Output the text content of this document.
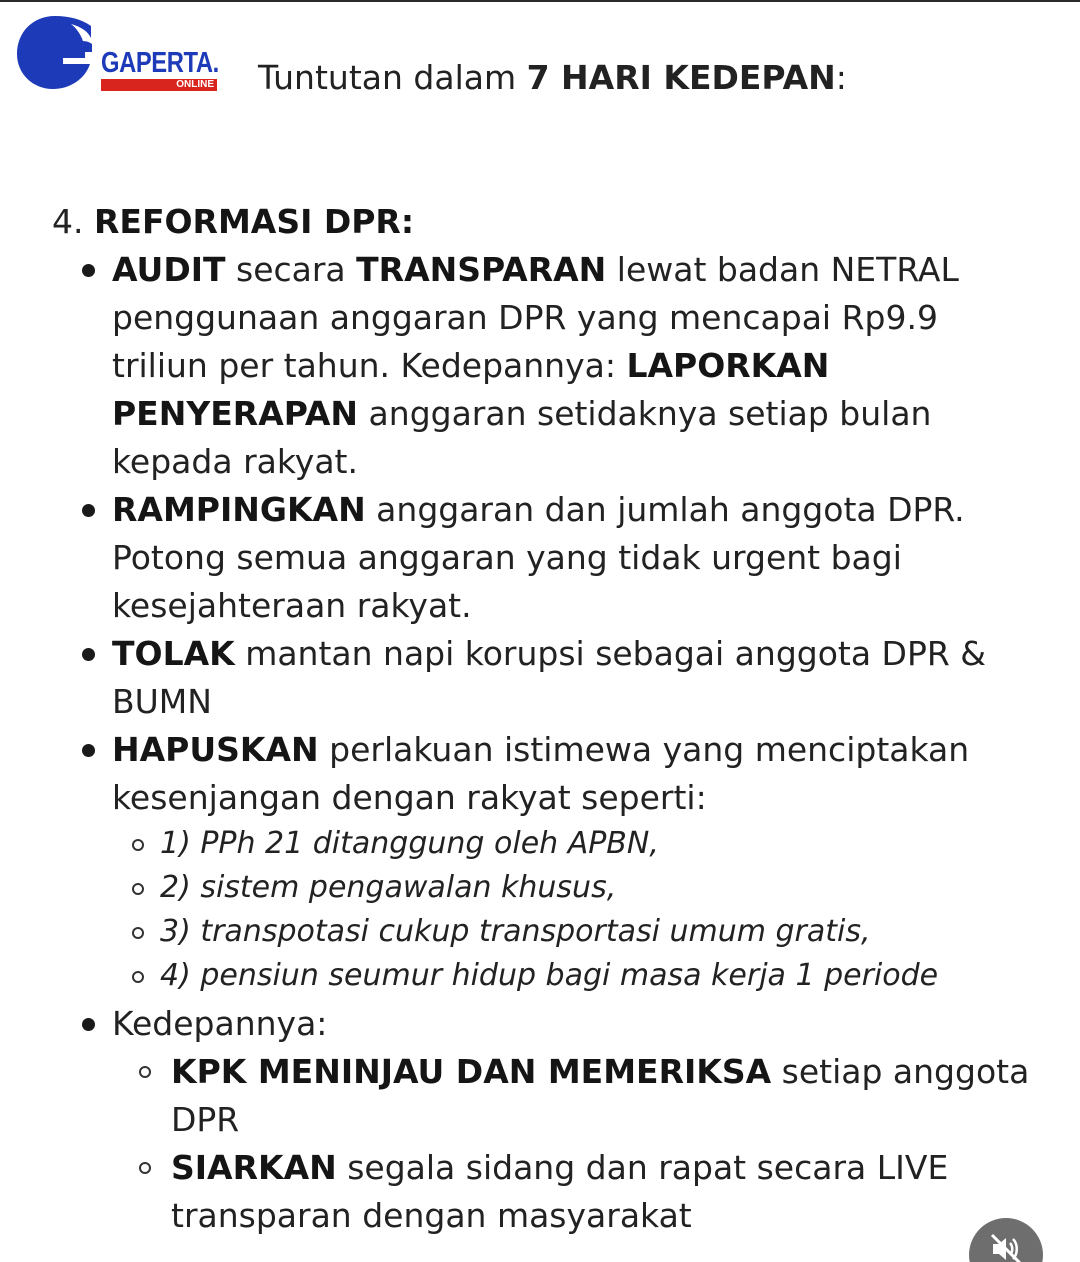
GAPERTA.
ONLINE Tuntutan dalam 7 HARI KEDEPAN:
4. REFORMASI DPR:
AUDIT secara TRANSPARAN lewat badan NETRAL
penggunaan anggaran DPR yang mencapai Rp9.9
triliun per tahun. Kedepannya: LAPORKAN
PENYERAPAN anggaran setidaknya setiap bulan
kepada rakyat.
RAMPINGKAN anggaran dan jumlah anggota DPR.
Potong semua anggaran yang tidak urgent bagi
kesejahteraan rakyat.
TOLAK mantan napi korupsi sebagai anggota DPR &
BUMN
HAPUSKAN perlakuan istimewa yang menciptakan
kesenjangan dengan rakyat seperti:
1) PPh 21 ditanggung oleh APBN,
2) sistem pengawalan khusus,
3) transpotasi cukup transportasi umum gratis,
4) pensiun seumur hidup bagi masa kerja 1 periode
Kedepannya:
KPK MENINJAU DAN MEMERIKSA setiap anggota
DPR
SIARKAN segala sidang dan rapat secara LIVE
transparan dengan masyarakat
